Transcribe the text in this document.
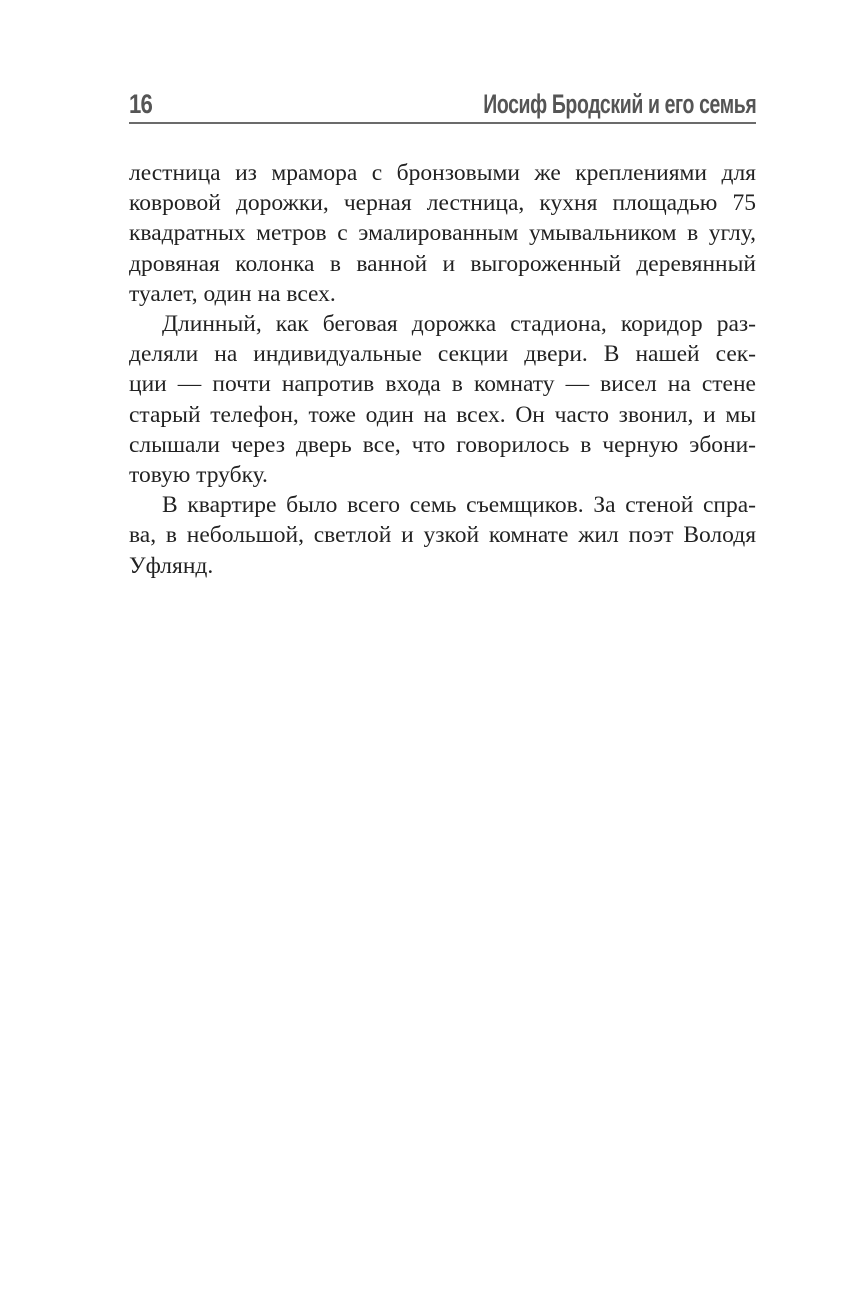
16	Иосиф Бродский и его семья

лестница из мрамора с бронзовыми же креплениями для
ковровой дорожки, черная лестница, кухня площадью 75
квадратных метров с эмалированным умывальником в углу,
дровяная колонка в ванной и выгороженный деревянный
туалет, один на всех.

Длинный, как беговая дорожка стадиона, коридор раз-
деляли на индивидуальные секции двери. В нашей сек-
ции — почти напротив входа в комнату — висел на стене
старый телефон, тоже один на всех. Он часто звонил, и мы
слышали через дверь все, что говорилось в черную эбони-
товую трубку.

В квартире было всего семь съемщиков. За стеной спра-
ва, в небольшой, светлой и узкой комнате жил поэт Володя
Уфлянд.
